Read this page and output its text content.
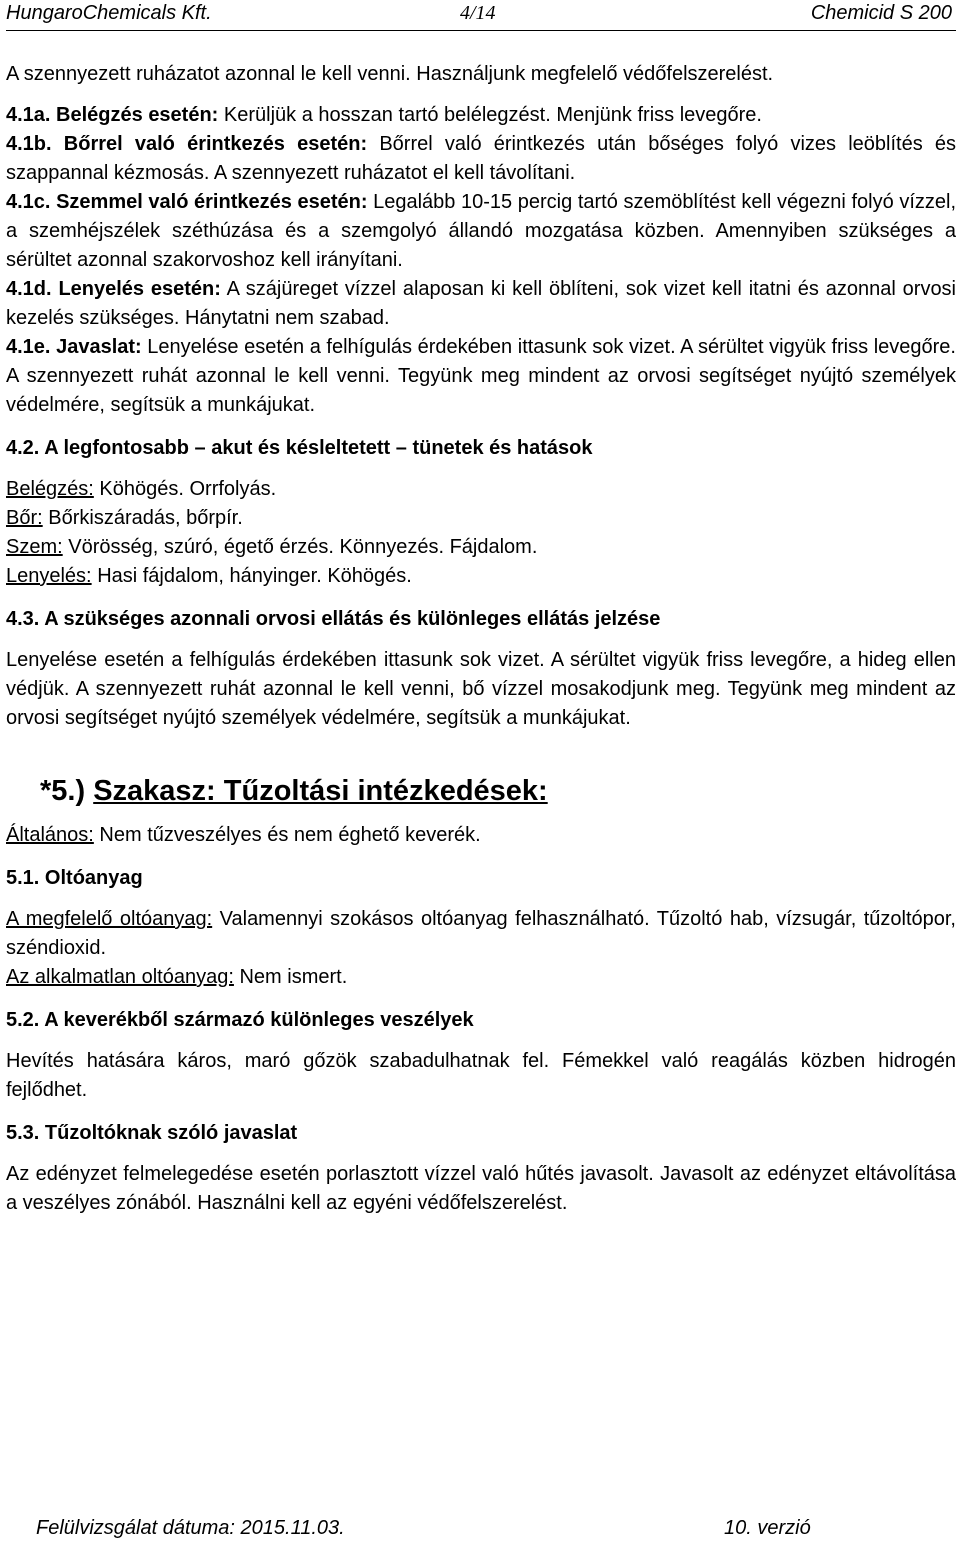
HungaroChemicals Kft.	4/14	Chemicid S 200

A szennyezett ruházatot azonnal le kell venni. Használjunk megfelelő védőfelszerelést.

4.1a. Belégzés esetén: Kerüljük a hosszan tartó belélegzést. Menjünk friss levegőre.

4.1b. Bőrrel való érintkezés esetén: Bőrrel való érintkezés után bőséges folyó vizes leöblítés és szappannal kézmosás. A szennyezett ruházatot el kell távolítani.

4.1c. Szemmel való érintkezés esetén: Legalább 10-15 percig tartó szemöblítést kell végezni folyó vízzel, a szemhéjszélek széthúzása és a szemgolyó állandó mozgatása közben. Amennyiben szükséges a sérültet azonnal szakorvoshoz kell irányítani.

4.1d. Lenyelés esetén: A szájüreget vízzel alaposan ki kell öblíteni, sok vizet kell itatni és azonnal orvosi kezelés szükséges. Hánytatni nem szabad.

4.1e. Javaslat: Lenyelése esetén a felhígulás érdekében ittasunk sok vizet. A sérültet vigyük friss levegőre. A szennyezett ruhát azonnal le kell venni. Tegyünk meg mindent az orvosi segítséget nyújtó személyek védelmére, segítsük a munkájukat.

4.2. A legfontosabb – akut és késleltetett – tünetek és hatások

Belégzés: Köhögés. Orrfolyás.

Bőr: Bőrkiszáradás, bőrpír.

Szem: Vörösség, szúró, égető érzés. Könnyezés. Fájdalom.

Lenyelés: Hasi fájdalom, hányinger. Köhögés.

4.3. A szükséges azonnali orvosi ellátás és különleges ellátás jelzése

Lenyelése esetén a felhígulás érdekében ittasunk sok vizet. A sérültet vigyük friss levegőre, a hideg ellen védjük. A szennyezett ruhát azonnal le kell venni, bő vízzel mosakodjunk meg. Tegyünk meg mindent az orvosi segítséget nyújtó személyek védelmére, segítsük a munkájukat.

*5.) Szakasz: Tűzoltási intézkedések:

Általános: Nem tűzveszélyes és nem éghető keverék.

5.1. Oltóanyag

A megfelelő oltóanyag: Valamennyi szokásos oltóanyag felhasználható. Tűzoltó hab, vízsugár, tűzoltópor, széndioxid.

Az alkalmatlan oltóanyag: Nem ismert.

5.2. A keverékből származó különleges veszélyek

Hevítés hatására káros, maró gőzök szabadulhatnak fel. Fémekkel való reagálás közben hidrogén fejlődhet.

5.3. Tűzoltóknak szóló javaslat

Az edényzet felmelegedése esetén porlasztott vízzel való hűtés javasolt. Javasolt az edényzet eltávolítása a veszélyes zónából. Használni kell az egyéni védőfelszerelést.

Felülvizsgálat dátuma: 2015.11.03.	10. verzió
